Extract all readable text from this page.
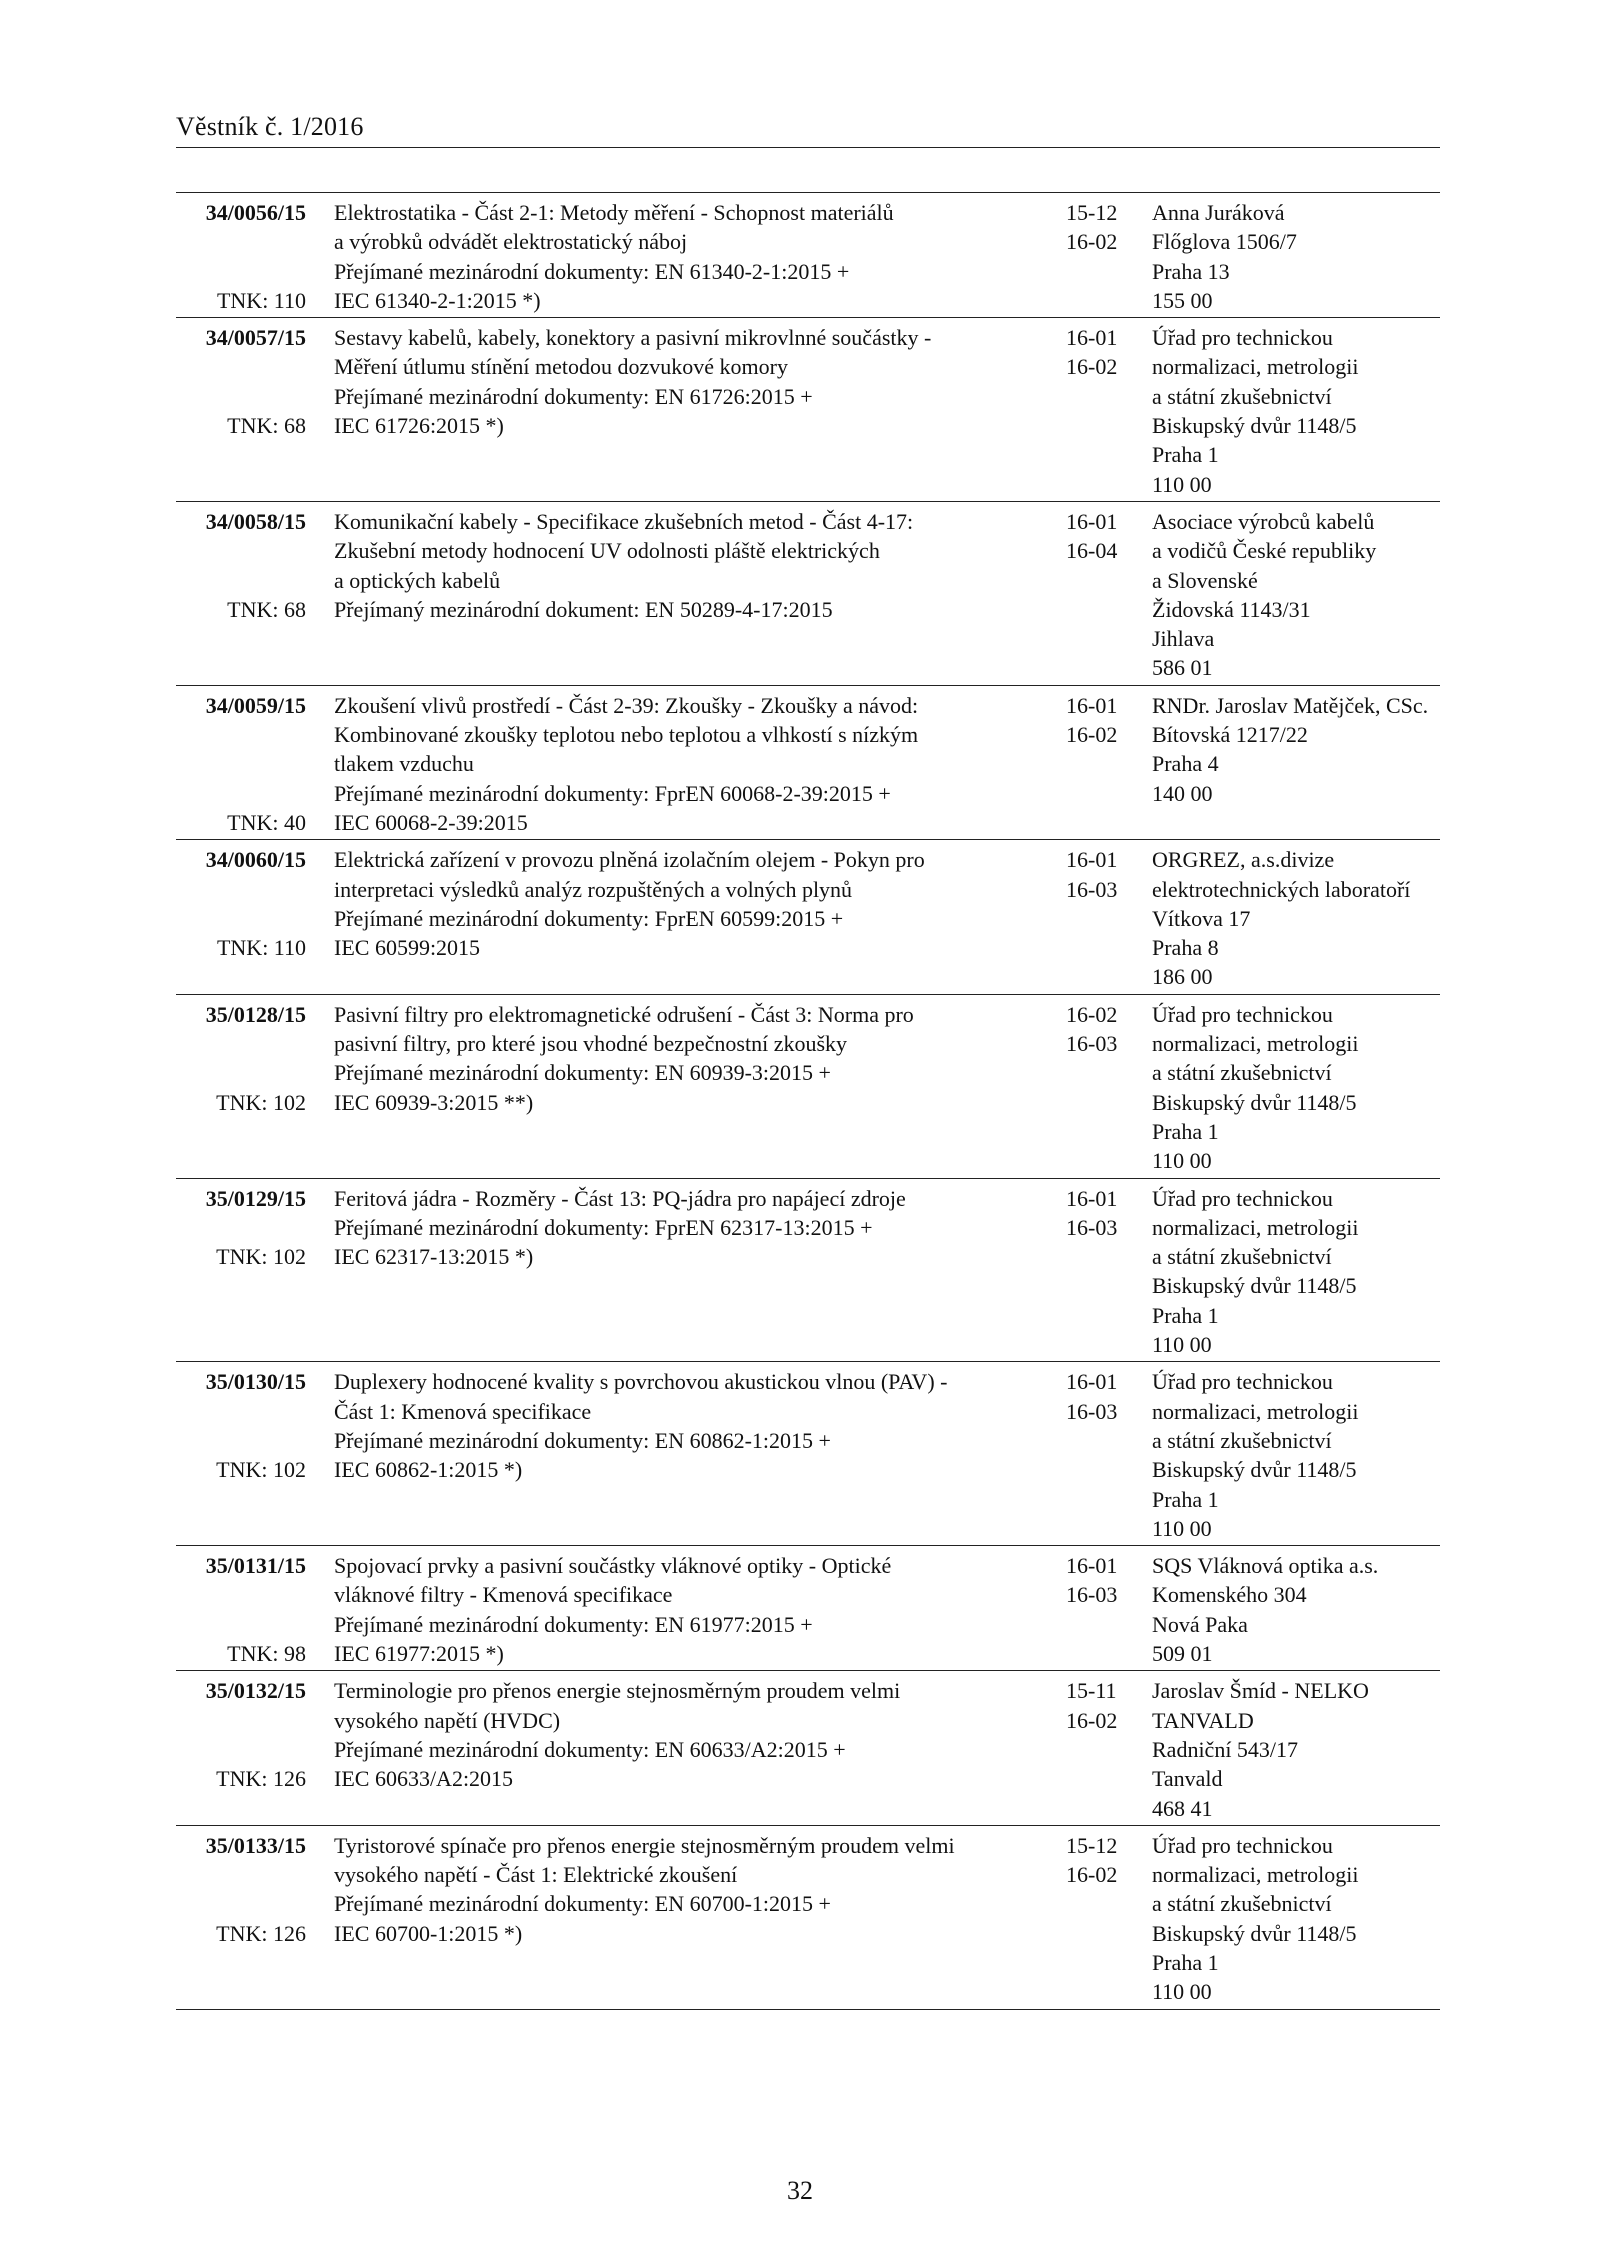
Věstník č. 1/2016
34/0056/15
TNK: 110
Elektrostatika - Část 2-1: Metody měření - Schopnost materiálů
a výrobků odvádět elektrostatický náboj
Přejímané mezinárodní dokumenty: EN 61340-2-1:2015 +
IEC 61340-2-1:2015 *)
15-12
16-02
Anna Juráková
Flőglova 1506/7
Praha 13
155 00
34/0057/15
TNK: 68
Sestavy kabelů, kabely, konektory a pasivní mikrovlnné součástky -
Měření útlumu stínění metodou dozvukové komory
Přejímané mezinárodní dokumenty: EN 61726:2015 +
IEC 61726:2015 *)
16-01
16-02
Úřad pro technickou
normalizaci, metrologii
a státní zkušebnictví
Biskupský dvůr 1148/5
Praha 1
110 00
34/0058/15
TNK: 68
Komunikační kabely - Specifikace zkušebních metod - Část 4-17:
Zkušební metody hodnocení UV odolnosti pláště elektrických
a optických kabelů
Přejímaný mezinárodní dokument: EN 50289-4-17:2015
16-01
16-04
Asociace výrobců kabelů
a vodičů České republiky
a Slovenské
Židovská 1143/31
Jihlava
586 01
34/0059/15
TNK: 40
Zkoušení vlivů prostředí - Část 2-39: Zkoušky - Zkoušky a návod:
Kombinované zkoušky teplotou nebo teplotou a vlhkostí s nízkým
tlakem vzduchu
Přejímané mezinárodní dokumenty: FprEN 60068-2-39:2015 +
IEC 60068-2-39:2015
16-01
16-02
RNDr. Jaroslav Matějček, CSc.
Bítovská 1217/22
Praha 4
140 00
34/0060/15
TNK: 110
Elektrická zařízení v provozu plněná izolačním olejem - Pokyn pro
interpretaci výsledků analýz rozpuštěných a volných plynů
Přejímané mezinárodní dokumenty: FprEN 60599:2015 +
IEC 60599:2015
16-01
16-03
ORGREZ, a.s.divize
elektrotechnických laboratoří
Vítkova 17
Praha 8
186 00
35/0128/15
TNK: 102
Pasivní filtry pro elektromagnetické odrušení - Část 3: Norma pro
pasivní filtry, pro které jsou vhodné bezpečnostní zkoušky
Přejímané mezinárodní dokumenty: EN 60939-3:2015 +
IEC 60939-3:2015 **)
16-02
16-03
Úřad pro technickou
normalizaci, metrologii
a státní zkušebnictví
Biskupský dvůr 1148/5
Praha 1
110 00
35/0129/15
TNK: 102
Feritová jádra - Rozměry - Část 13: PQ-jádra pro napájecí zdroje
Přejímané mezinárodní dokumenty: FprEN 62317-13:2015 +
IEC 62317-13:2015 *)
16-01
16-03
Úřad pro technickou
normalizaci, metrologii
a státní zkušebnictví
Biskupský dvůr 1148/5
Praha 1
110 00
35/0130/15
TNK: 102
Duplexery hodnocené kvality s povrchovou akustickou vlnou (PAV) -
Část 1: Kmenová specifikace
Přejímané mezinárodní dokumenty: EN 60862-1:2015 +
IEC 60862-1:2015 *)
16-01
16-03
Úřad pro technickou
normalizaci, metrologii
a státní zkušebnictví
Biskupský dvůr 1148/5
Praha 1
110 00
35/0131/15
TNK: 98
Spojovací prvky a pasivní součástky vláknové optiky - Optické
vláknové filtry - Kmenová specifikace
Přejímané mezinárodní dokumenty: EN 61977:2015 +
IEC 61977:2015 *)
16-01
16-03
SQS Vláknová optika a.s.
Komenského 304
Nová Paka
509 01
35/0132/15
TNK: 126
Terminologie pro přenos energie stejnosměrným proudem velmi
vysokého napětí (HVDC)
Přejímané mezinárodní dokumenty: EN 60633/A2:2015 +
IEC 60633/A2:2015
15-11
16-02
Jaroslav Šmíd - NELKO
TANVALD
Radniční 543/17
Tanvald
468 41
35/0133/15
TNK: 126
Tyristorové spínače pro přenos energie stejnosměrným proudem velmi
vysokého napětí - Část 1: Elektrické zkoušení
Přejímané mezinárodní dokumenty: EN 60700-1:2015 +
IEC 60700-1:2015 *)
15-12
16-02
Úřad pro technickou
normalizaci, metrologii
a státní zkušebnictví
Biskupský dvůr 1148/5
Praha 1
110 00
32
